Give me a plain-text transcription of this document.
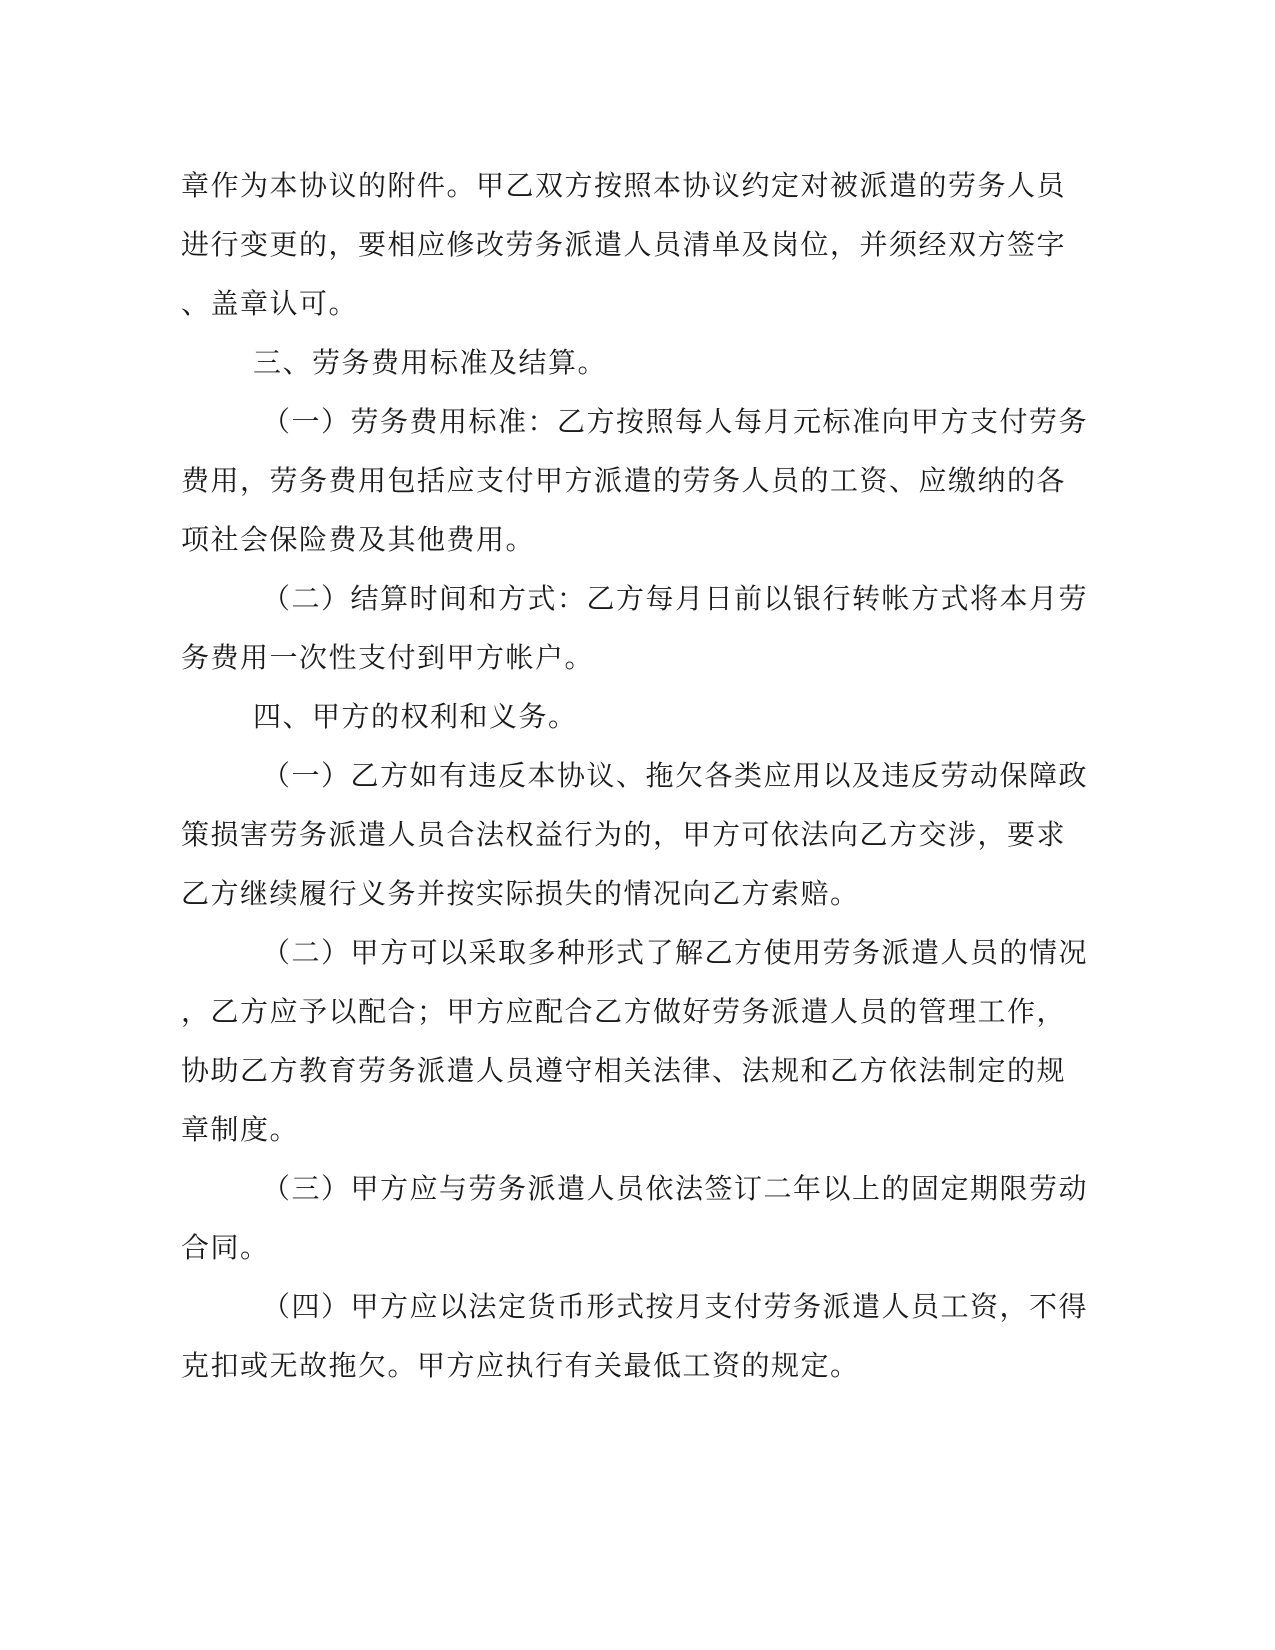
章作为本协议的附件。甲乙双方按照本协议约定对被派遣的劳务人员
进行变更的，要相应修改劳务派遣人员清单及岗位，并须经双方签字
、盖章认可。
三、劳务费用标准及结算。
（一）劳务费用标准：乙方按照每人每月元标准向甲方支付劳务
费用，劳务费用包括应支付甲方派遣的劳务人员的工资、应缴纳的各
项社会保险费及其他费用。
（二）结算时间和方式：乙方每月日前以银行转帐方式将本月劳
务费用一次性支付到甲方帐户。
四、甲方的权利和义务。
（一）乙方如有违反本协议、拖欠各类应用以及违反劳动保障政
策损害劳务派遣人员合法权益行为的，甲方可依法向乙方交涉，要求
乙方继续履行义务并按实际损失的情况向乙方索赔。
（二）甲方可以采取多种形式了解乙方使用劳务派遣人员的情况
，乙方应予以配合；甲方应配合乙方做好劳务派遣人员的管理工作，
协助乙方教育劳务派遣人员遵守相关法律、法规和乙方依法制定的规
章制度。
（三）甲方应与劳务派遣人员依法签订二年以上的固定期限劳动
合同。
（四）甲方应以法定货币形式按月支付劳务派遣人员工资，不得
克扣或无故拖欠。甲方应执行有关最低工资的规定。
